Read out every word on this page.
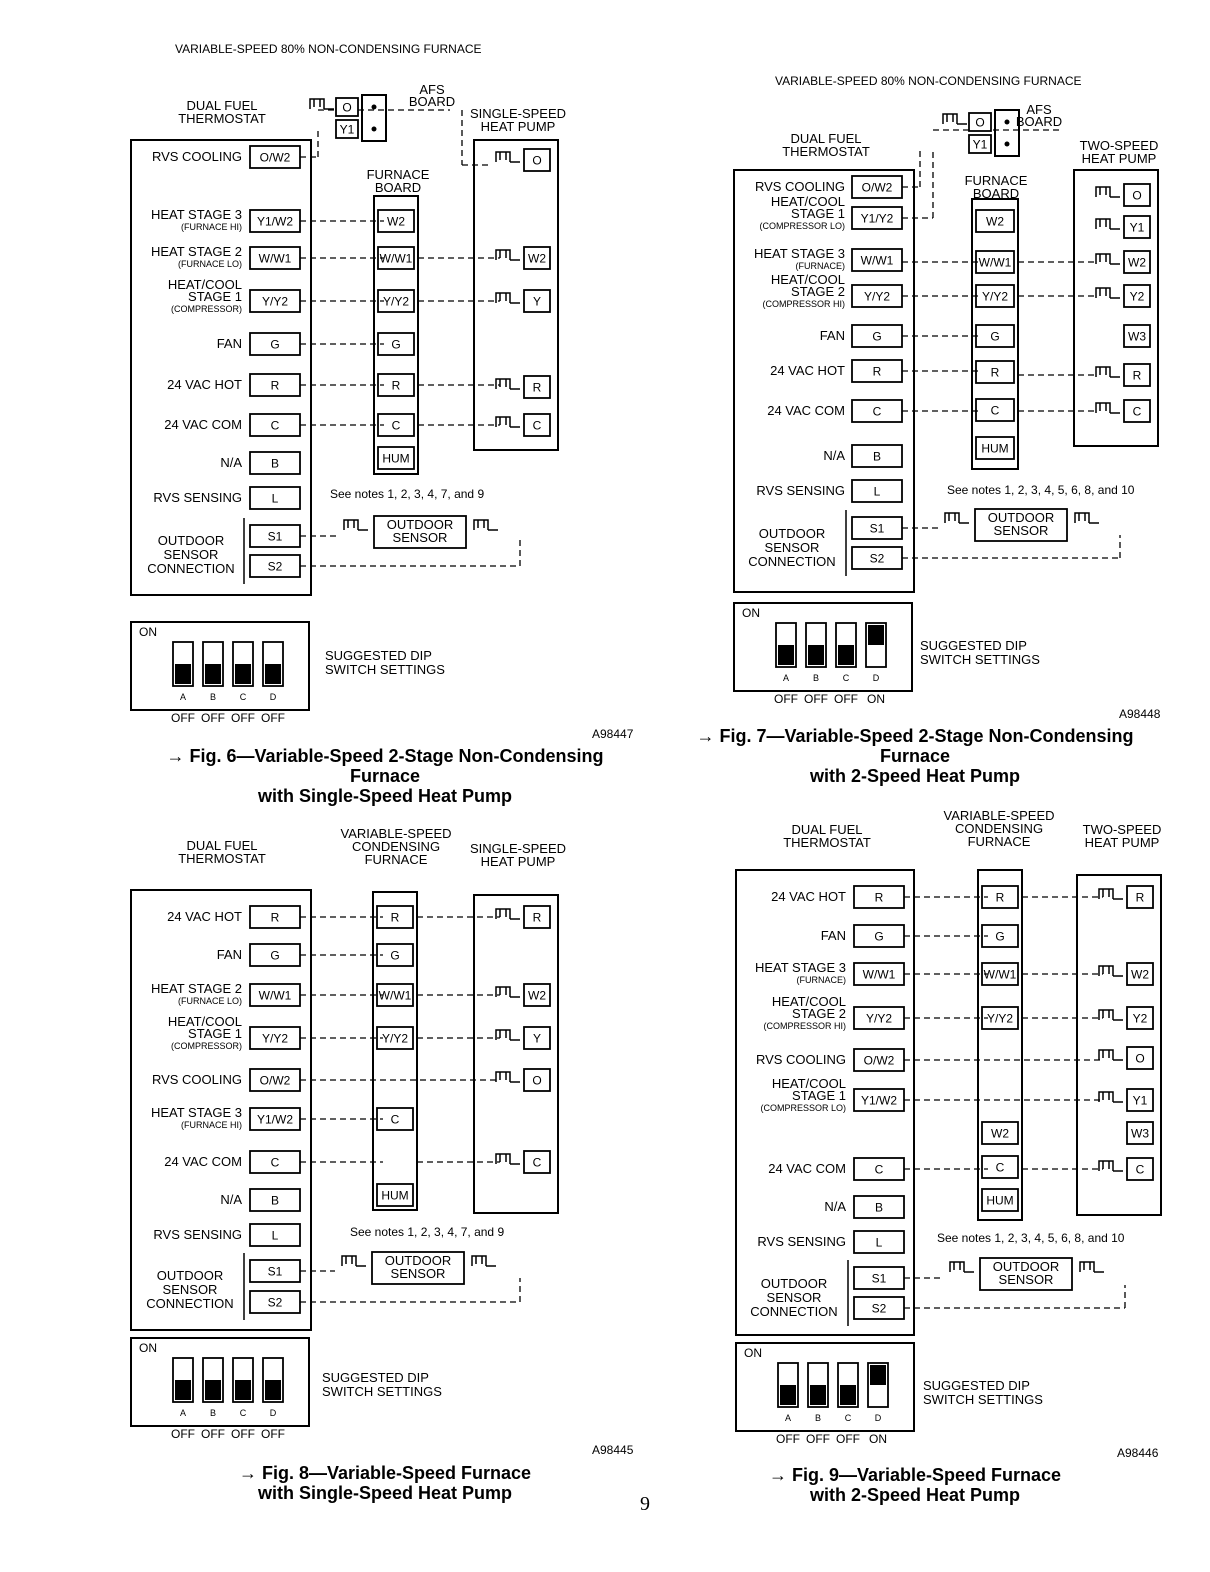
VARIABLE-SPEED 80% NON-CONDENSING FURNACE
DUAL FUEL
THERMOSTAT
FURNACE
BOARD
SINGLE-SPEED
HEAT PUMP
RVS COOLING O/W2
HEAT STAGE 3
(FURNACE HI) Y1/W2
HEAT STAGE 2
(FURNACE LO) W/W1
HEAT/COOL
STAGE 1
(COMPRESSOR)
Y/Y2
FAN G
24 VAC HOT R
24 VAC COM C
N/A B
RVS SENSING L
OUTDOOR
SENSOR
CONNECTION
S1
S2
W2
W/W1
Y/Y2
G
R
C
HUM
O
W2
Y
R
C
AFS
BOARD
O
Y1
OUTDOOR
SENSOR
See notes 1, 2, 3, 4, 7, and 9
ON
A
OFF
B
OFF
C
OFF
D
OFF
SUGGESTED DIP
SWITCH SETTINGS
A98447
VARIABLE-SPEED 80% NON-CONDENSING FURNACE
DUAL FUEL
THERMOSTAT
FURNACE
BOARD
TWO-SPEED
HEAT PUMP
RVS COOLING O/W2
HEAT/COOL
STAGE 1
(COMPRESSOR LO)
Y1/Y2
HEAT STAGE 3
(FURNACE) W/W1
HEAT/COOL
STAGE 2
(COMPRESSOR HI)
Y/Y2
FAN G
24 VAC HOT R
24 VAC COM C
N/A B
RVS SENSING L
OUTDOOR
SENSOR
CONNECTION
S1
S2
W2
W/W1
Y/Y2
G
R
C
HUM
O
Y1
W2
Y2
W3
R
C
AFS
BOARD
O
Y1
OUTDOOR
SENSOR
See notes 1, 2, 3, 4, 5, 6, 8, and 10
ON
A
OFF
B
OFF
C
OFF
D
ON
SUGGESTED DIP
SWITCH SETTINGS
A98448
DUAL FUEL
THERMOSTAT
VARIABLE-SPEED
CONDENSING
FURNACE
SINGLE-SPEED
HEAT PUMP
24 VAC HOT R
FAN G
HEAT STAGE 2
(FURNACE LO) W/W1
HEAT/COOL
STAGE 1
(COMPRESSOR)
Y/Y2
RVS COOLING O/W2
HEAT STAGE 3
(FURNACE HI) Y1/W2
24 VAC COM C
N/A B
RVS SENSING L
OUTDOOR
SENSOR
CONNECTION
S1
S2
R
G
W/W1
Y/Y2
C
HUM
R
W2
Y
O
C
OUTDOOR
SENSOR
See notes 1, 2, 3, 4, 7, and 9
ON
A
OFF
B
OFF
C
OFF
D
OFF
SUGGESTED DIP
SWITCH SETTINGS
A98445
DUAL FUEL
THERMOSTAT
VARIABLE-SPEED
CONDENSING
FURNACE
TWO-SPEED
HEAT PUMP
24 VAC HOT R
FAN G
HEAT STAGE 3
(FURNACE) W/W1
HEAT/COOL
STAGE 2
(COMPRESSOR HI)
Y/Y2
RVS COOLING O/W2
HEAT/COOL
STAGE 1
(COMPRESSOR LO)
Y1/W2
24 VAC COM C
N/A B
RVS SENSING L
OUTDOOR
SENSOR
CONNECTION
S1
S2
R
G
W/W1
Y/Y2
W2
C
HUM
R
W2
Y2
O
Y1
W3
C
OUTDOOR
SENSOR
See notes 1, 2, 3, 4, 5, 6, 8, and 10
ON
A
OFF
B
OFF
C
OFF
D
ON
SUGGESTED DIP
SWITCH SETTINGS
A98446
→ Fig. 6—Variable-Speed 2-Stage Non-Condensing
Furnace
with Single-Speed Heat Pump
→ Fig. 7—Variable-Speed 2-Stage Non-Condensing
Furnace
with 2-Speed Heat Pump
→ Fig. 8—Variable-Speed Furnace
with Single-Speed Heat Pump
→ Fig. 9—Variable-Speed Furnace
with 2-Speed Heat Pump
9
